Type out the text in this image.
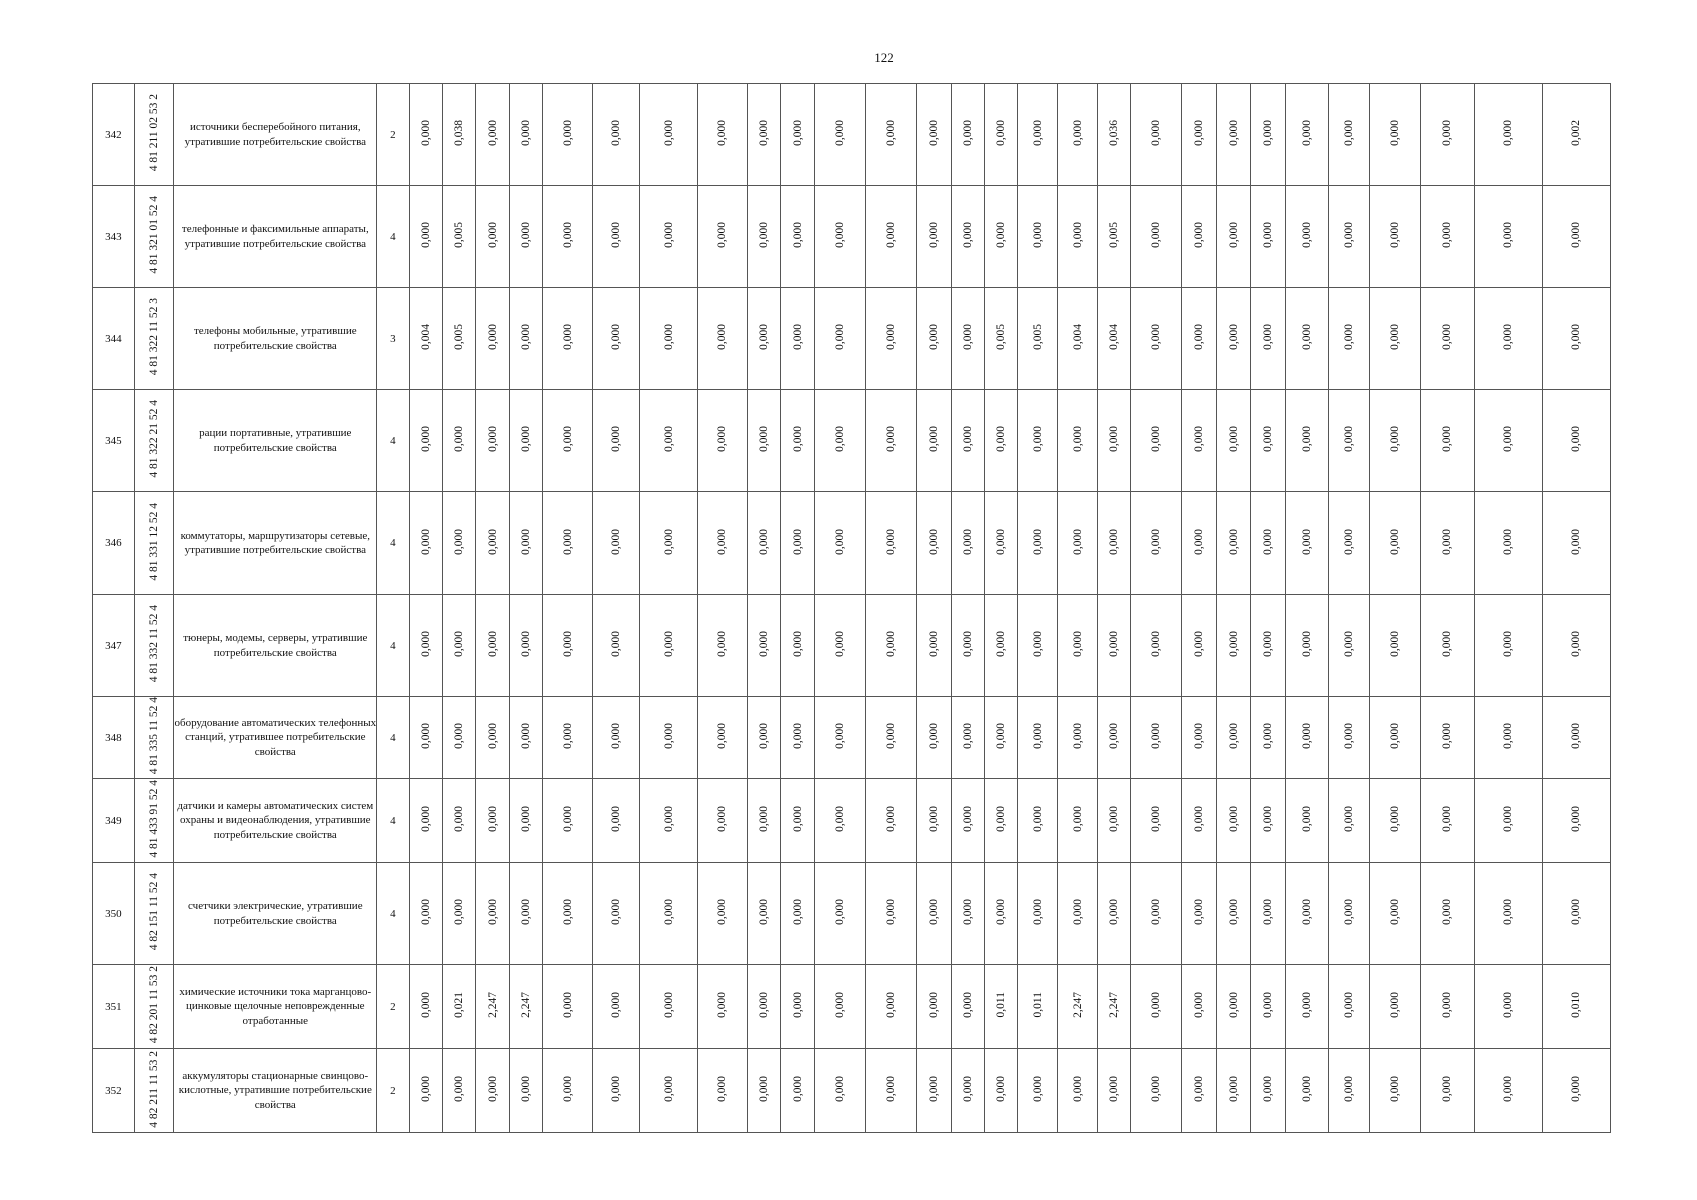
122
342	4 81 211 02 53 2	источники бесперебойного питания, утратившие потребительские свойства	2	0,000	0,038	0,000	0,000	0,000	0,000	0,000	0,000	0,000	0,000	0,000	0,000	0,000	0,000	0,000	0,000	0,000	0,036	0,000	0,000	0,000	0,000	0,000	0,000	0,000	0,000	0,000	0,002
343	4 81 321 01 52 4	телефонные и факсимильные аппараты, утратившие потребительские свойства	4	0,000	0,005	0,000	0,000	0,000	0,000	0,000	0,000	0,000	0,000	0,000	0,000	0,000	0,000	0,000	0,000	0,000	0,005	0,000	0,000	0,000	0,000	0,000	0,000	0,000	0,000	0,000	0,000
344	4 81 322 11 52 3	телефоны мобильные, утратившие потребительские свойства	3	0,004	0,005	0,000	0,000	0,000	0,000	0,000	0,000	0,000	0,000	0,000	0,000	0,000	0,000	0,005	0,005	0,004	0,004	0,000	0,000	0,000	0,000	0,000	0,000	0,000	0,000	0,000	0,000
345	4 81 322 21 52 4	рации портативные, утратившие потребительские свойства	4	0,000	0,000	0,000	0,000	0,000	0,000	0,000	0,000	0,000	0,000	0,000	0,000	0,000	0,000	0,000	0,000	0,000	0,000	0,000	0,000	0,000	0,000	0,000	0,000	0,000	0,000	0,000	0,000
346	4 81 331 12 52 4	коммутаторы, маршрутизаторы сетевые, утратившие потребительские свойства	4	0,000	0,000	0,000	0,000	0,000	0,000	0,000	0,000	0,000	0,000	0,000	0,000	0,000	0,000	0,000	0,000	0,000	0,000	0,000	0,000	0,000	0,000	0,000	0,000	0,000	0,000	0,000	0,000
347	4 81 332 11 52 4	тюнеры, модемы, серверы, утратившие потребительские свойства	4	0,000	0,000	0,000	0,000	0,000	0,000	0,000	0,000	0,000	0,000	0,000	0,000	0,000	0,000	0,000	0,000	0,000	0,000	0,000	0,000	0,000	0,000	0,000	0,000	0,000	0,000	0,000	0,000
348	4 81 335 11 52 4	оборудование автоматических телефонных станций, утратившее потребительские свойства	4	0,000	0,000	0,000	0,000	0,000	0,000	0,000	0,000	0,000	0,000	0,000	0,000	0,000	0,000	0,000	0,000	0,000	0,000	0,000	0,000	0,000	0,000	0,000	0,000	0,000	0,000	0,000	0,000
349	4 81 433 91 52 4	датчики и камеры автоматических систем охраны и видеонаблюдения, утратившие потребительские свойства	4	0,000	0,000	0,000	0,000	0,000	0,000	0,000	0,000	0,000	0,000	0,000	0,000	0,000	0,000	0,000	0,000	0,000	0,000	0,000	0,000	0,000	0,000	0,000	0,000	0,000	0,000	0,000	0,000
350	4 82 151 11 52 4	счетчики электрические, утратившие потребительские свойства	4	0,000	0,000	0,000	0,000	0,000	0,000	0,000	0,000	0,000	0,000	0,000	0,000	0,000	0,000	0,000	0,000	0,000	0,000	0,000	0,000	0,000	0,000	0,000	0,000	0,000	0,000	0,000	0,000
351	4 82 201 11 53 2	химические источники тока марганцово-цинковые щелочные неповрежденные отработанные	2	0,000	0,021	2,247	2,247	0,000	0,000	0,000	0,000	0,000	0,000	0,000	0,000	0,000	0,000	0,011	0,011	2,247	2,247	0,000	0,000	0,000	0,000	0,000	0,000	0,000	0,000	0,000	0,010
352	4 82 211 11 53 2	аккумуляторы стационарные свинцово-кислотные, утратившие потребительские свойства	2	0,000	0,000	0,000	0,000	0,000	0,000	0,000	0,000	0,000	0,000	0,000	0,000	0,000	0,000	0,000	0,000	0,000	0,000	0,000	0,000	0,000	0,000	0,000	0,000	0,000	0,000	0,000	0,000
